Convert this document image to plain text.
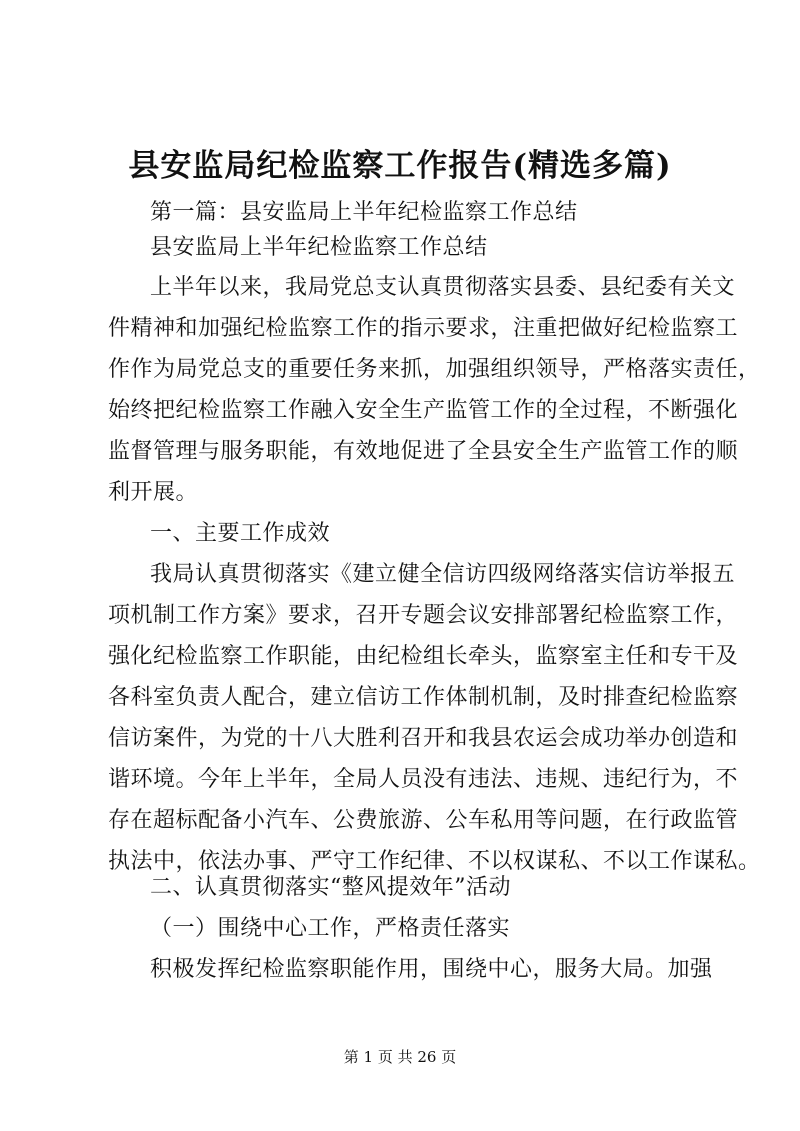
县安监局纪检监察工作报告(精选多篇)
第一篇：县安监局上半年纪检监察工作总结
县安监局上半年纪检监察工作总结
上半年以来，我局党总支认真贯彻落实县委、县纪委有关文
件精神和加强纪检监察工作的指示要求，注重把做好纪检监察工
作作为局党总支的重要任务来抓，加强组织领导，严格落实责任，
始终把纪检监察工作融入安全生产监管工作的全过程，不断强化
监督管理与服务职能，有效地促进了全县安全生产监管工作的顺
利开展。
一、主要工作成效
我局认真贯彻落实《建立健全信访四级网络落实信访举报五
项机制工作方案》要求，召开专题会议安排部署纪检监察工作，
强化纪检监察工作职能，由纪检组长牵头，监察室主任和专干及
各科室负责人配合，建立信访工作体制机制，及时排查纪检监察
信访案件，为党的十八大胜利召开和我县农运会成功举办创造和
谐环境。今年上半年，全局人员没有违法、违规、违纪行为，不
存在超标配备小汽车、公费旅游、公车私用等问题，在行政监管
执法中，依法办事、严守工作纪律、不以权谋私、不以工作谋私。
二、认真贯彻落实“整风提效年”活动
（一）围绕中心工作，严格责任落实
积极发挥纪检监察职能作用，围绕中心，服务大局。加强
第 1 页 共 26 页
